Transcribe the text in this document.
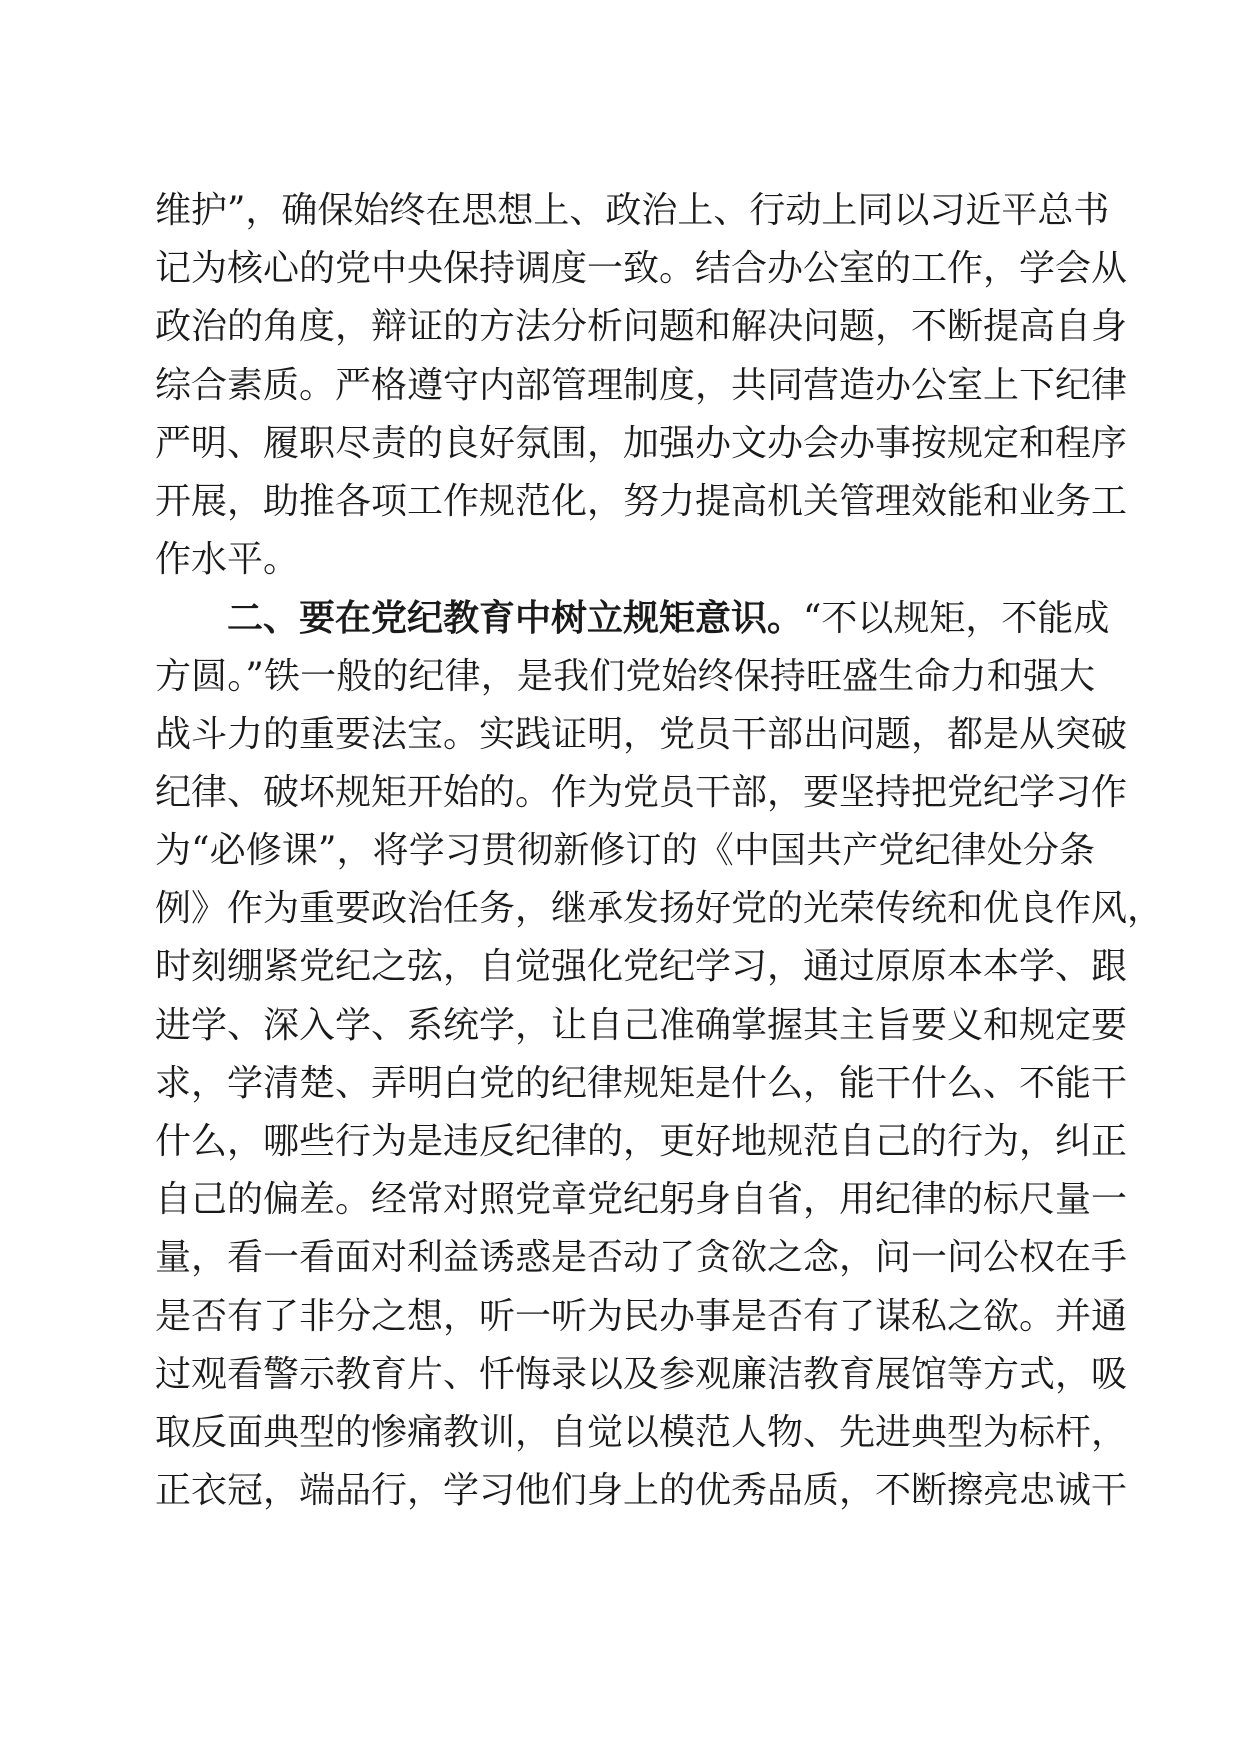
维护”，确保始终在思想上、政治上、行动上同以习近平总书
记为核心的党中央保持调度一致。结合办公室的工作，学会从
政治的角度，辩证的方法分析问题和解决问题，不断提高自身
综合素质。严格遵守内部管理制度，共同营造办公室上下纪律
严明、履职尽责的良好氛围，加强办文办会办事按规定和程序
开展，助推各项工作规范化，努力提高机关管理效能和业务工
作水平。
二、要在党纪教育中树立规矩意识。“不以规矩，不能成
方圆。”铁一般的纪律，是我们党始终保持旺盛生命力和强大
战斗力的重要法宝。实践证明，党员干部出问题，都是从突破
纪律、破坏规矩开始的。作为党员干部，要坚持把党纪学习作
为“必修课”，将学习贯彻新修订的《中国共产党纪律处分条
例》作为重要政治任务，继承发扬好党的光荣传统和优良作风，
时刻绷紧党纪之弦，自觉强化党纪学习，通过原原本本学、跟
进学、深入学、系统学，让自己准确掌握其主旨要义和规定要
求，学清楚、弄明白党的纪律规矩是什么，能干什么、不能干
什么，哪些行为是违反纪律的，更好地规范自己的行为，纠正
自己的偏差。经常对照党章党纪躬身自省，用纪律的标尺量一
量，看一看面对利益诱惑是否动了贪欲之念，问一问公权在手
是否有了非分之想，听一听为民办事是否有了谋私之欲。并通
过观看警示教育片、忏悔录以及参观廉洁教育展馆等方式，吸
取反面典型的惨痛教训，自觉以模范人物、先进典型为标杆，
正衣冠，端品行，学习他们身上的优秀品质，不断擦亮忠诚干
